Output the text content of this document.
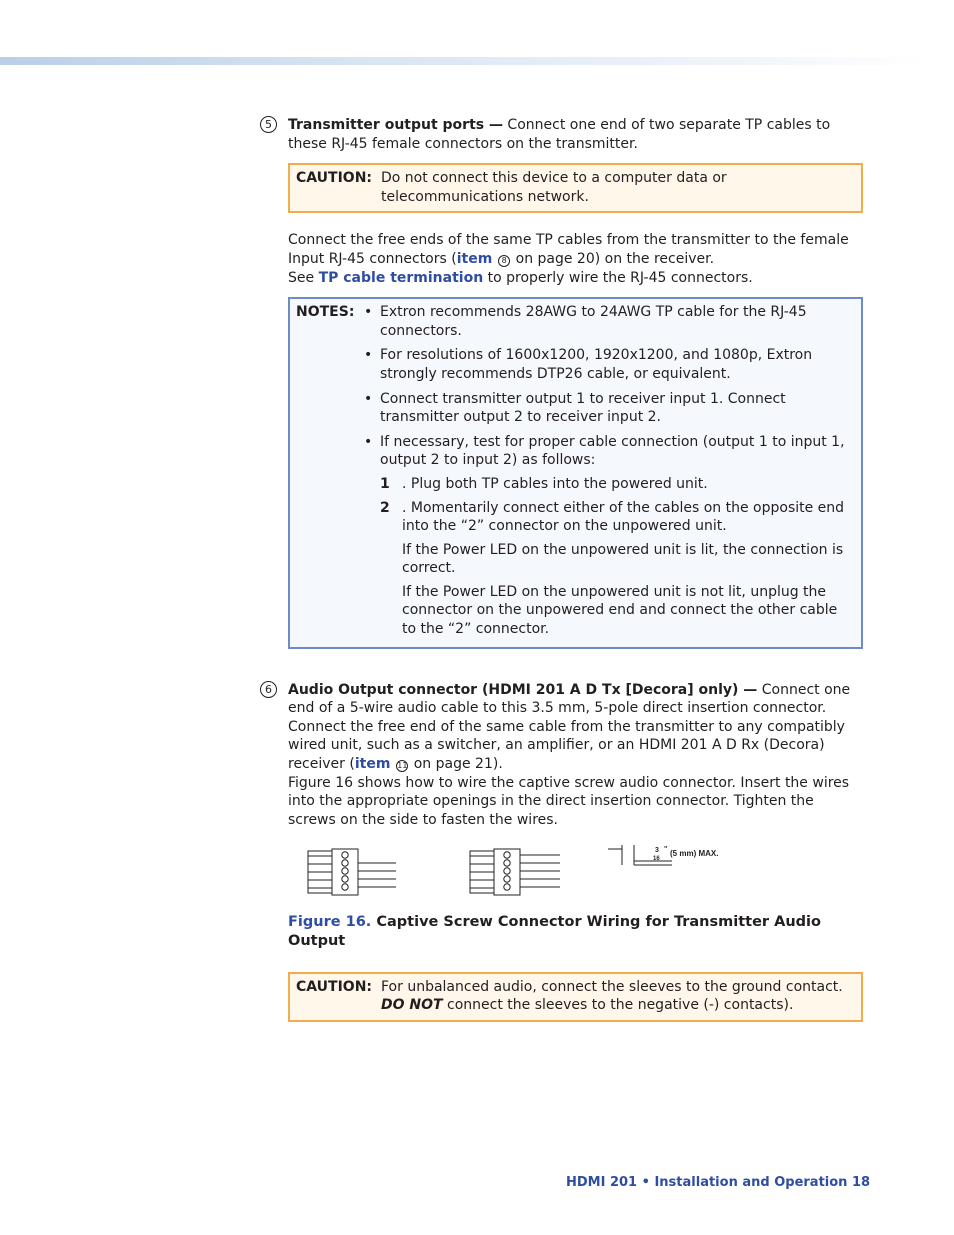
5	Transmitter output ports — Connect one end of two separate TP cables to these RJ-45 female connectors on the transmitter.
CAUTION: Do not connect this device to a computer data or telecommunications network.
Connect the free ends of the same TP cables from the transmitter to the female Input RJ-45 connectors (item 8 on page 20) on the receiver.
See TP cable termination to properly wire the RJ-45 connectors.
NOTES: • Extron recommends 28AWG to 24AWG TP cable for the RJ-45 connectors.
• For resolutions of 1600x1200, 1920x1200, and 1080p, Extron strongly recommends DTP26 cable, or equivalent.
• Connect transmitter output 1 to receiver input 1. Connect transmitter output 2 to receiver input 2.
• If necessary, test for proper cable connection (output 1 to input 1, output 2 to input 2) as follows:
1 . Plug both TP cables into the powered unit.
2 . Momentarily connect either of the cables on the opposite end into the “2” connector on the unpowered unit.

If the Power LED on the unpowered unit is lit, the connection is correct.

If the Power LED on the unpowered unit is not lit, unplug the connector on the unpowered end and connect the other cable to the “2” connector.

6	Audio Output connector (HDMI 201 A D Tx [Decora] only) — Connect one end of a 5-wire audio cable to this 3.5 mm, 5-pole direct insertion connector. Connect the free end of the same cable from the transmitter to any compatibly wired unit, such as a switcher, an amplifier, or an HDMI 201 A D Rx (Decora) receiver (item 11 on page 21).
Figure 16 shows how to wire the captive screw audio connector. Insert the wires into the appropriate openings in the direct insertion connector. Tighten the screws on the side to fasten the wires.
3
16
" (5 mm) MAX.
Figure 16. Captive Screw Connector Wiring for Transmitter Audio Output
CAUTION: For unbalanced audio, connect the sleeves to the ground contact.
DO NOT connect the sleeves to the negative (-) contacts).
HDMI 201 • Installation and Operation 18
